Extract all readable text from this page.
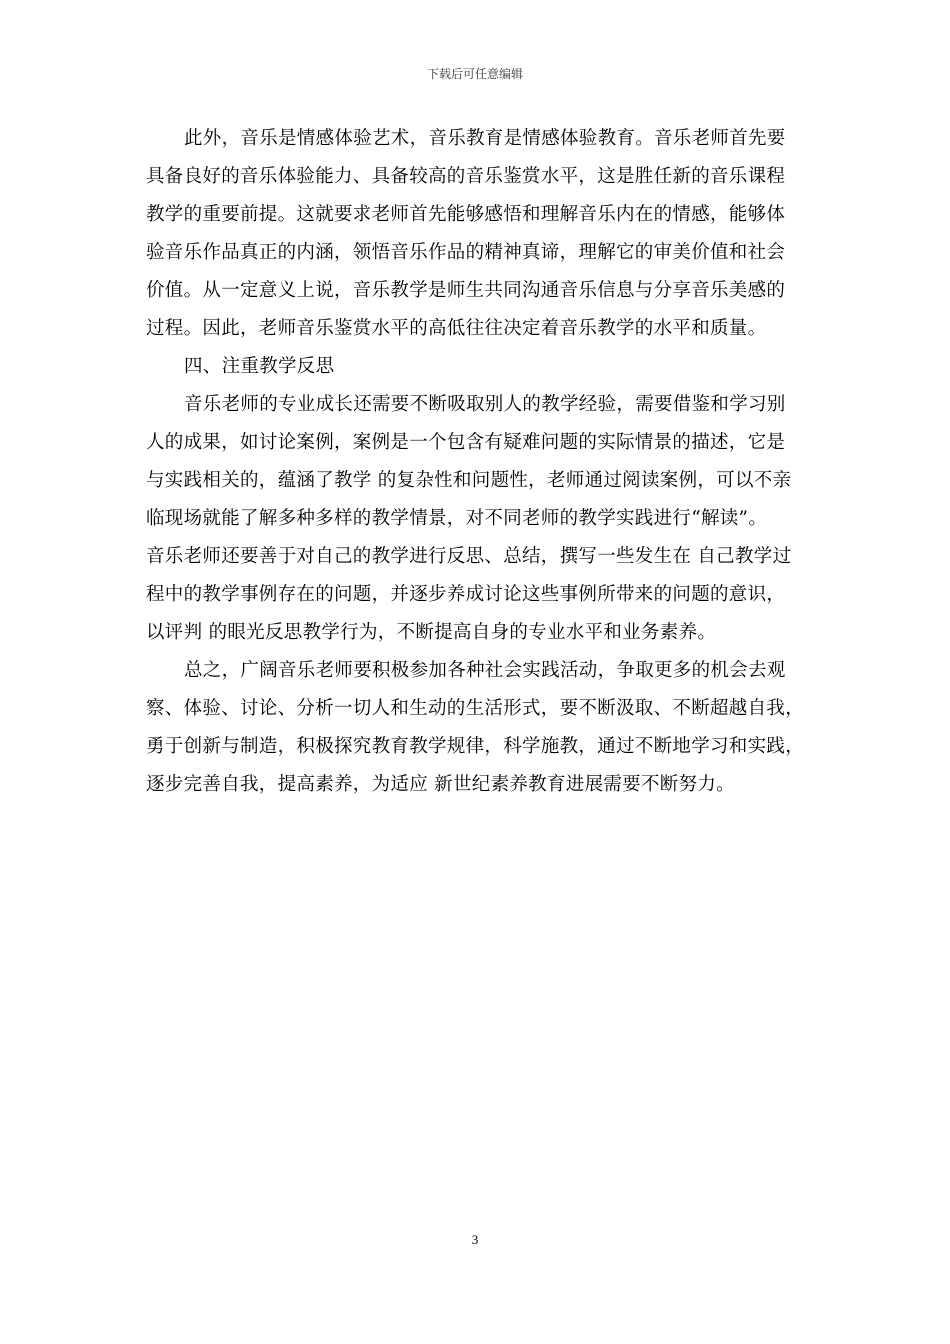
下载后可任意编辑
此外，音乐是情感体验艺术，音乐教育是情感体验教育。音乐老师首先要
具备良好的音乐体验能力、具备较高的音乐鉴赏水平，这是胜任新的音乐课程
教学的重要前提。这就要求老师首先能够感悟和理解音乐内在的情感，能够体
验音乐作品真正的内涵，领悟音乐作品的精神真谛，理解它的审美价值和社会
价值。从一定意义上说，音乐教学是师生共同沟通音乐信息与分享音乐美感的
过程。因此，老师音乐鉴赏水平的高低往往决定着音乐教学的水平和质量。
四、注重教学反思
音乐老师的专业成长还需要不断吸取别人的教学经验，需要借鉴和学习别
人的成果，如讨论案例，案例是一个包含有疑难问题的实际情景的描述，它是
与实践相关的，蕴涵了教学 的复杂性和问题性，老师通过阅读案例，可以不亲
临现场就能了解多种多样的教学情景，对不同老师的教学实践进行“解读”。
音乐老师还要善于对自己的教学进行反思、总结，撰写一些发生在 自己教学过
程中的教学事例存在的问题，并逐步养成讨论这些事例所带来的问题的意识，
以评判 的眼光反思教学行为，不断提高自身的专业水平和业务素养。
总之，广阔音乐老师要积极参加各种社会实践活动，争取更多的机会去观
察、体验、讨论、分析一切人和生动的生活形式，要不断汲取、不断超越自我，
勇于创新与制造，积极探究教育教学规律，科学施教，通过不断地学习和实践，
逐步完善自我，提高素养，为适应 新世纪素养教育进展需要不断努力。
3
